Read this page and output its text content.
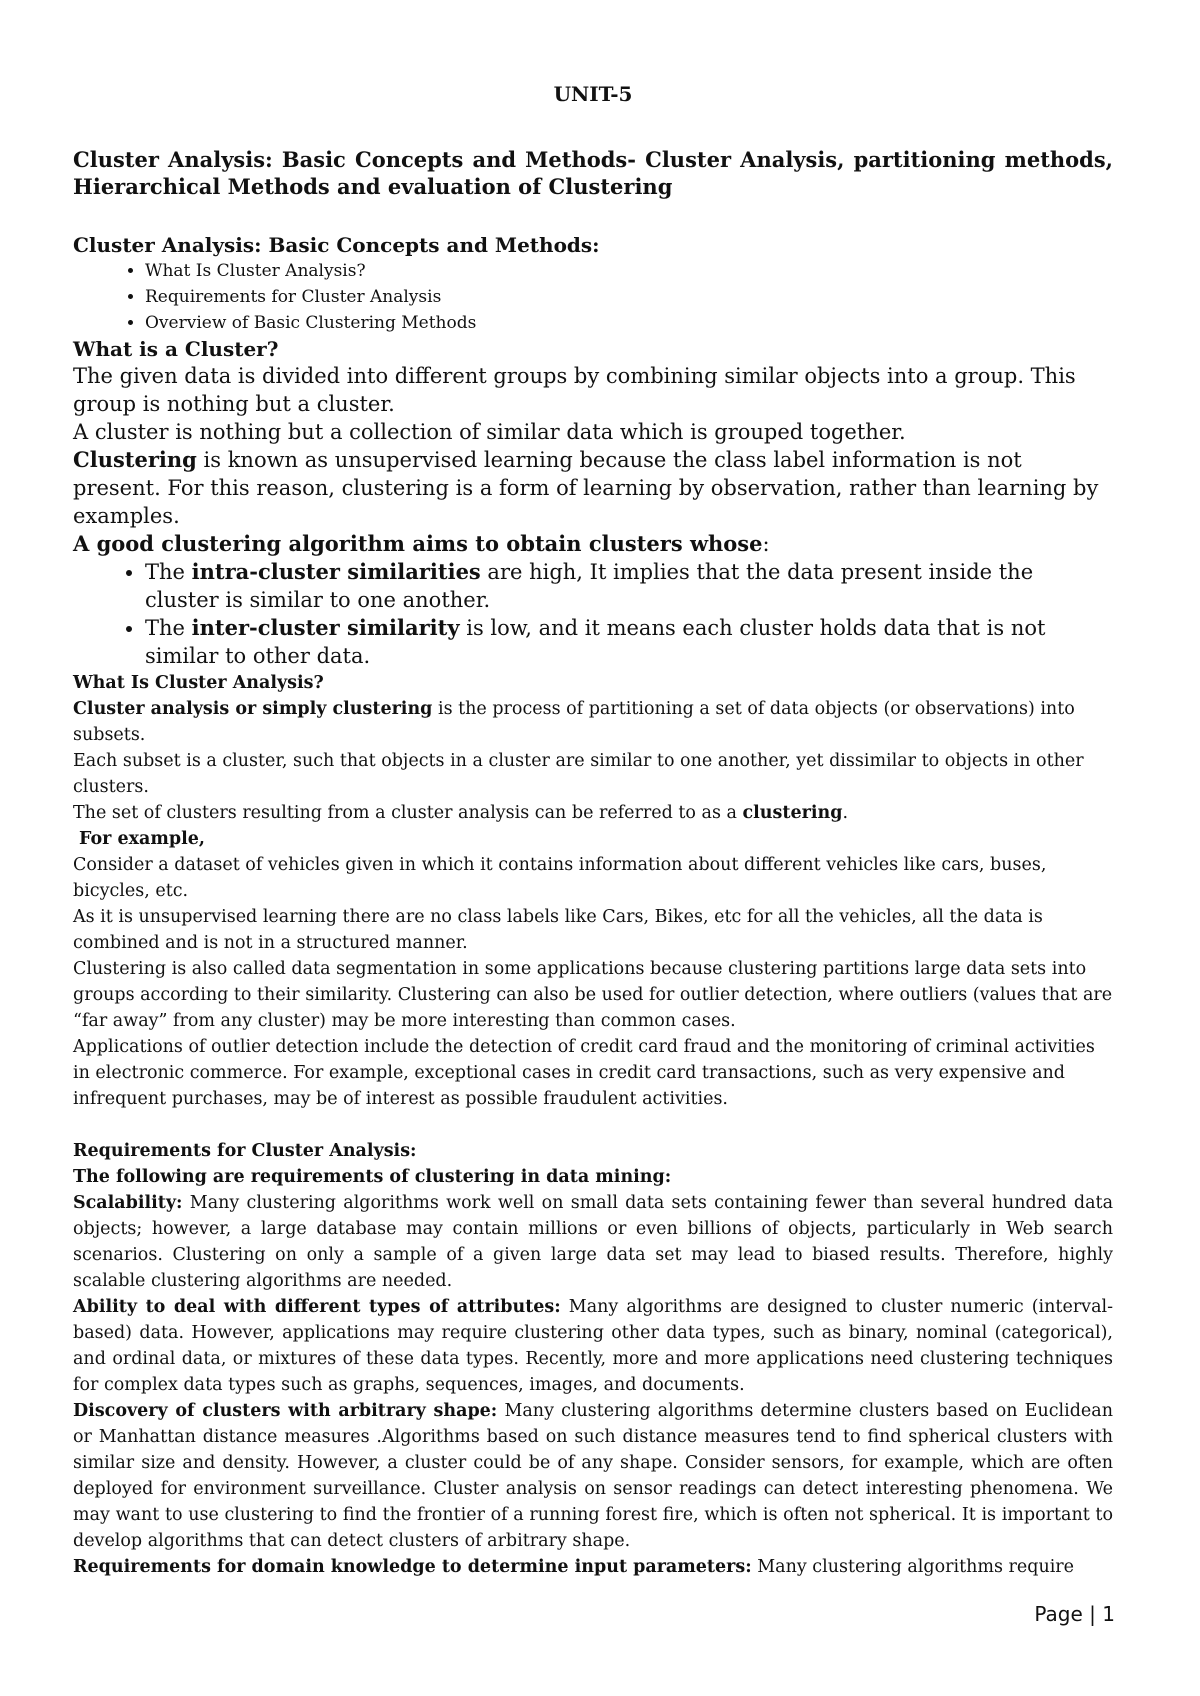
UNIT-5

Cluster Analysis: Basic Concepts and Methods- Cluster Analysis, partitioning methods, Hierarchical Methods and evaluation of Clustering

Cluster Analysis: Basic Concepts and Methods:

• What Is Cluster Analysis?
• Requirements for Cluster Analysis
• Overview of Basic Clustering Methods

What is a Cluster?

The given data is divided into different groups by combining similar objects into a group. This group is nothing but a cluster.

A cluster is nothing but a collection of similar data which is grouped together.

Clustering is known as unsupervised learning because the class label information is not present. For this reason, clustering is a form of learning by observation, rather than learning by examples.

A good clustering algorithm aims to obtain clusters whose:

• The intra-cluster similarities are high, It implies that the data present inside the cluster is similar to one another.
• The inter-cluster similarity is low, and it means each cluster holds data that is not similar to other data.

What Is Cluster Analysis?

Cluster analysis or simply clustering is the process of partitioning a set of data objects (or observations) into subsets.

Each subset is a cluster, such that objects in a cluster are similar to one another, yet dissimilar to objects in other clusters.

The set of clusters resulting from a cluster analysis can be referred to as a clustering.

For example,

Consider a dataset of vehicles given in which it contains information about different vehicles like cars, buses, bicycles, etc.

As it is unsupervised learning there are no class labels like Cars, Bikes, etc for all the vehicles, all the data is combined and is not in a structured manner.

Clustering is also called data segmentation in some applications because clustering partitions large data sets into groups according to their similarity. Clustering can also be used for outlier detection, where outliers (values that are “far away” from any cluster) may be more interesting than common cases.

Applications of outlier detection include the detection of credit card fraud and the monitoring of criminal activities in electronic commerce. For example, exceptional cases in credit card transactions, such as very expensive and infrequent purchases, may be of interest as possible fraudulent activities.

Requirements for Cluster Analysis:

The following are requirements of clustering in data mining:

Scalability: Many clustering algorithms work well on small data sets containing fewer than several hundred data objects; however, a large database may contain millions or even billions of objects, particularly in Web search scenarios. Clustering on only a sample of a given large data set may lead to biased results. Therefore, highly scalable clustering algorithms are needed.

Ability to deal with different types of attributes: Many algorithms are designed to cluster numeric (interval-based) data. However, applications may require clustering other data types, such as binary, nominal (categorical), and ordinal data, or mixtures of these data types. Recently, more and more applications need clustering techniques for complex data types such as graphs, sequences, images, and documents.

Discovery of clusters with arbitrary shape: Many clustering algorithms determine clusters based on Euclidean or Manhattan distance measures .Algorithms based on such distance measures tend to find spherical clusters with similar size and density. However, a cluster could be of any shape. Consider sensors, for example, which are often deployed for environment surveillance. Cluster analysis on sensor readings can detect interesting phenomena. We may want to use clustering to find the frontier of a running forest fire, which is often not spherical. It is important to develop algorithms that can detect clusters of arbitrary shape.

Requirements for domain knowledge to determine input parameters: Many clustering algorithms require

Page | 1
